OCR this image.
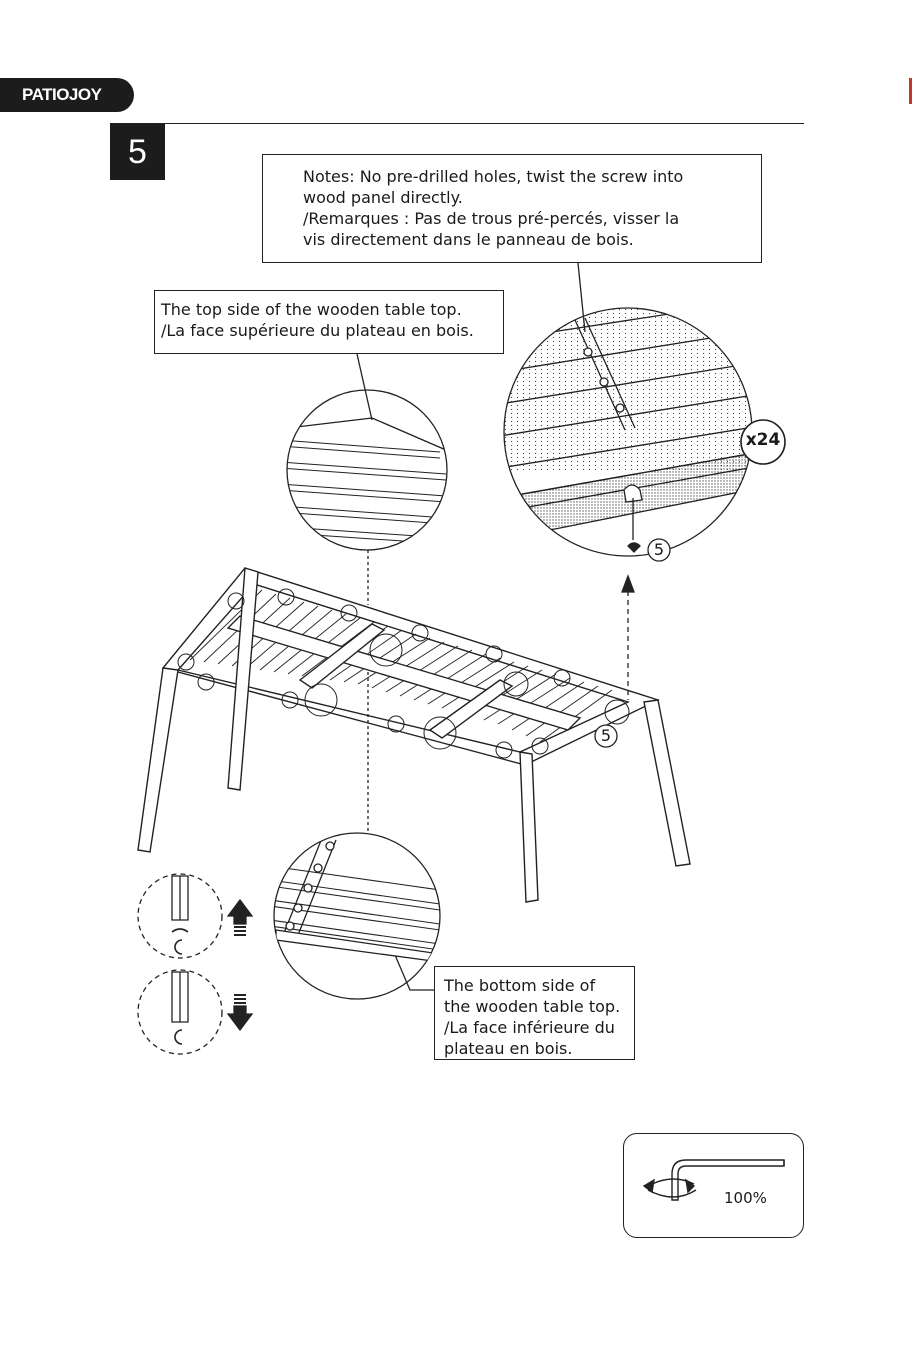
PATIOJOY
5
x24
5
5
Notes: No pre-drilled holes, twist the screw into
wood panel directly.
/Remarques : Pas de trous pré-percés, visser la
vis directement dans le panneau de bois.
The top side of the wooden table top.
/La face supérieure du plateau en bois.
The bottom side of
the wooden table top.
/La face inférieure du
plateau en bois.
100%
